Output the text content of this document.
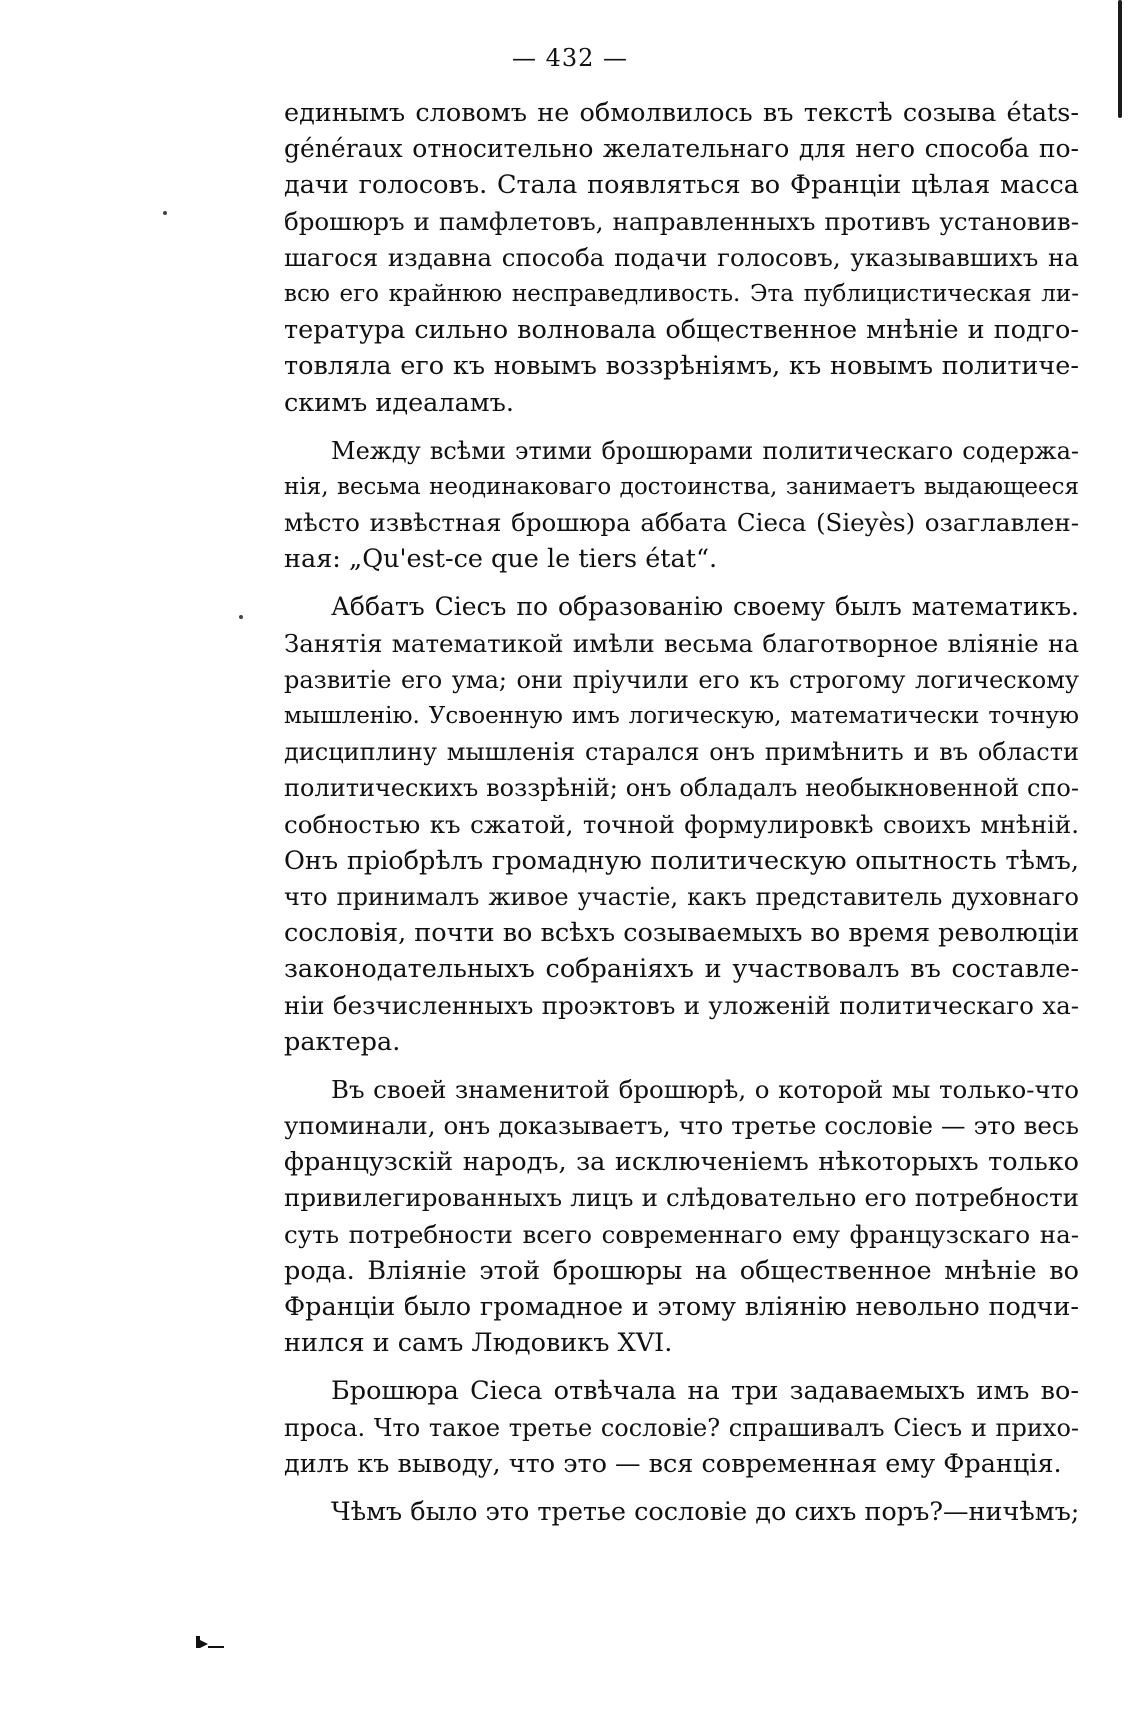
— 432 —
единымъ словомъ не обмолвилось въ текстѣ созыва états-
généraux относительно желательнаго для него способа по-
дачи голосовъ. Стала появляться во Франціи цѣлая масса
брошюръ и памфлетовъ, направленныхъ противъ установив-
шагося издавна способа подачи голосовъ, указывавшихъ на
всю его крайнюю несправедливость. Эта публицистическая ли-
тература сильно волновала общественное мнѣніе и подго-
товляла его къ новымъ воззрѣніямъ, къ новымъ политиче-
скимъ идеаламъ.
Между всѣми этими брошюрами политическаго содержа-
нія, весьма неодинаковаго достоинства, занимаетъ выдающееся
мѣсто извѣстная брошюра аббата Сіеса (Sieyès) озаглавлен-
ная: „Qu'est-ce que le tiers état“.
Аббатъ Сіесъ по образованію своему былъ математикъ.
Занятія математикой имѣли весьма благотворное вліяніе на
развитіе его ума; они пріучили его къ строгому логическому
мышленію. Усвоенную имъ логическую, математически точную
дисциплину мышленія старался онъ примѣнить и въ области
политическихъ воззрѣній; онъ обладалъ необыкновенной спо-
собностью къ сжатой, точной формулировкѣ своихъ мнѣній.
Онъ пріобрѣлъ громадную политическую опытность тѣмъ,
что принималъ живое участіе, какъ представитель духовнаго
сословія, почти во всѣхъ созываемыхъ во время революціи
законодательныхъ собраніяхъ и участвовалъ въ составле-
ніи безчисленныхъ проэктовъ и уложеній политическаго ха-
рактера.
Въ своей знаменитой брошюрѣ, о которой мы только-что
упоминали, онъ доказываетъ, что третье сословіе — это весь
французскій народъ, за исключеніемъ нѣкоторыхъ только
привилегированныхъ лицъ и слѣдовательно его потребности
суть потребности всего современнаго ему французскаго на-
рода. Вліяніе этой брошюры на общественное мнѣніе во
Франціи было громадное и этому вліянію невольно подчи-
нился и самъ Людовикъ XVI.
Брошюра Сіеса отвѣчала на три задаваемыхъ имъ во-
проса. Что такое третье сословіе? спрашивалъ Сіесъ и прихо-
дилъ къ выводу, что это — вся современная ему Франція.
Чѣмъ было это третье сословіе до сихъ поръ?—ничѣмъ;
